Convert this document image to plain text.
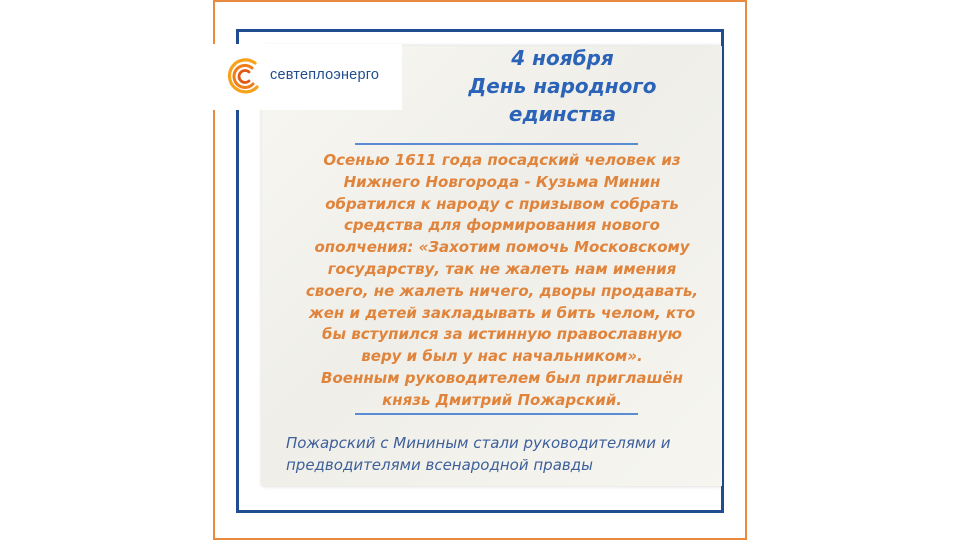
севтеплоэнерго
4 ноября
День народного
единства
Осенью 1611 года посадский человек из
Нижнего Новгорода - Кузьма Минин
обратился к народу с призывом собрать
средства для формирования нового
ополчения: «Захотим помочь Московскому
государству, так не жалеть нам имения
своего, не жалеть ничего, дворы продавать,
жен и детей закладывать и бить челом, кто
бы вступился за истинную православную
веру и был у нас начальником».
Военным руководителем был приглашён
князь Дмитрий Пожарский.
Пожарский с Мининым стали руководителями и
предводителями всенародной правды
